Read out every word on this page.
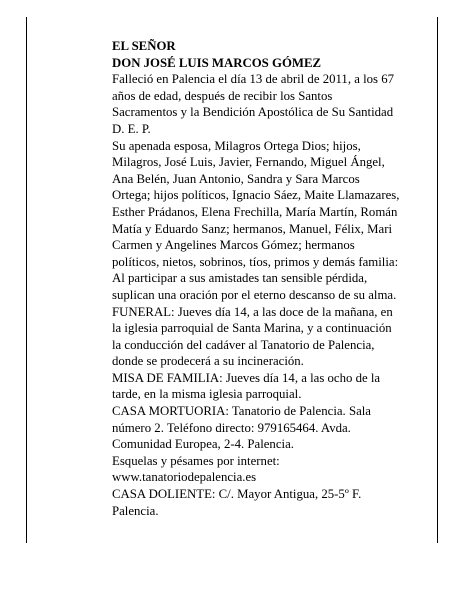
EL SEÑOR

DON JOSÉ LUIS MARCOS GÓMEZ

Falleció en Palencia el día 13 de abril de 2011, a los 67

años de edad, después de recibir los Santos

Sacramentos y la Bendición Apostólica de Su Santidad

D. E. P.

Su apenada esposa, Milagros Ortega Dios; hijos,

Milagros, José Luis, Javier, Fernando, Miguel Ángel,

Ana Belén, Juan Antonio, Sandra y Sara Marcos

Ortega; hijos políticos, Ignacio Sáez, Maite Llamazares,

Esther Prádanos, Elena Frechilla, María Martín, Román

Matía y Eduardo Sanz; hermanos, Manuel, Félix, Mari

Carmen y Angelines Marcos Gómez; hermanos

políticos, nietos, sobrinos, tíos, primos y demás familia:

Al participar a sus amistades tan sensible pérdida,

suplican una oración por el eterno descanso de su alma.

FUNERAL: Jueves día 14, a las doce de la mañana, en

la iglesia parroquial de Santa Marina, y a continuación

la conducción del cadáver al Tanatorio de Palencia,

donde se prodecerá a su incineración.

MISA DE FAMILIA: Jueves día 14, a las ocho de la

tarde, en la misma iglesia parroquial.

CASA MORTUORIA: Tanatorio de Palencia. Sala

número 2. Teléfono directo: 979165464. Avda.

Comunidad Europea, 2-4. Palencia.

Esquelas y pésames por internet:

www.tanatoriodepalencia.es

CASA DOLIENTE: C/. Mayor Antigua, 25-5º F.

Palencia.
